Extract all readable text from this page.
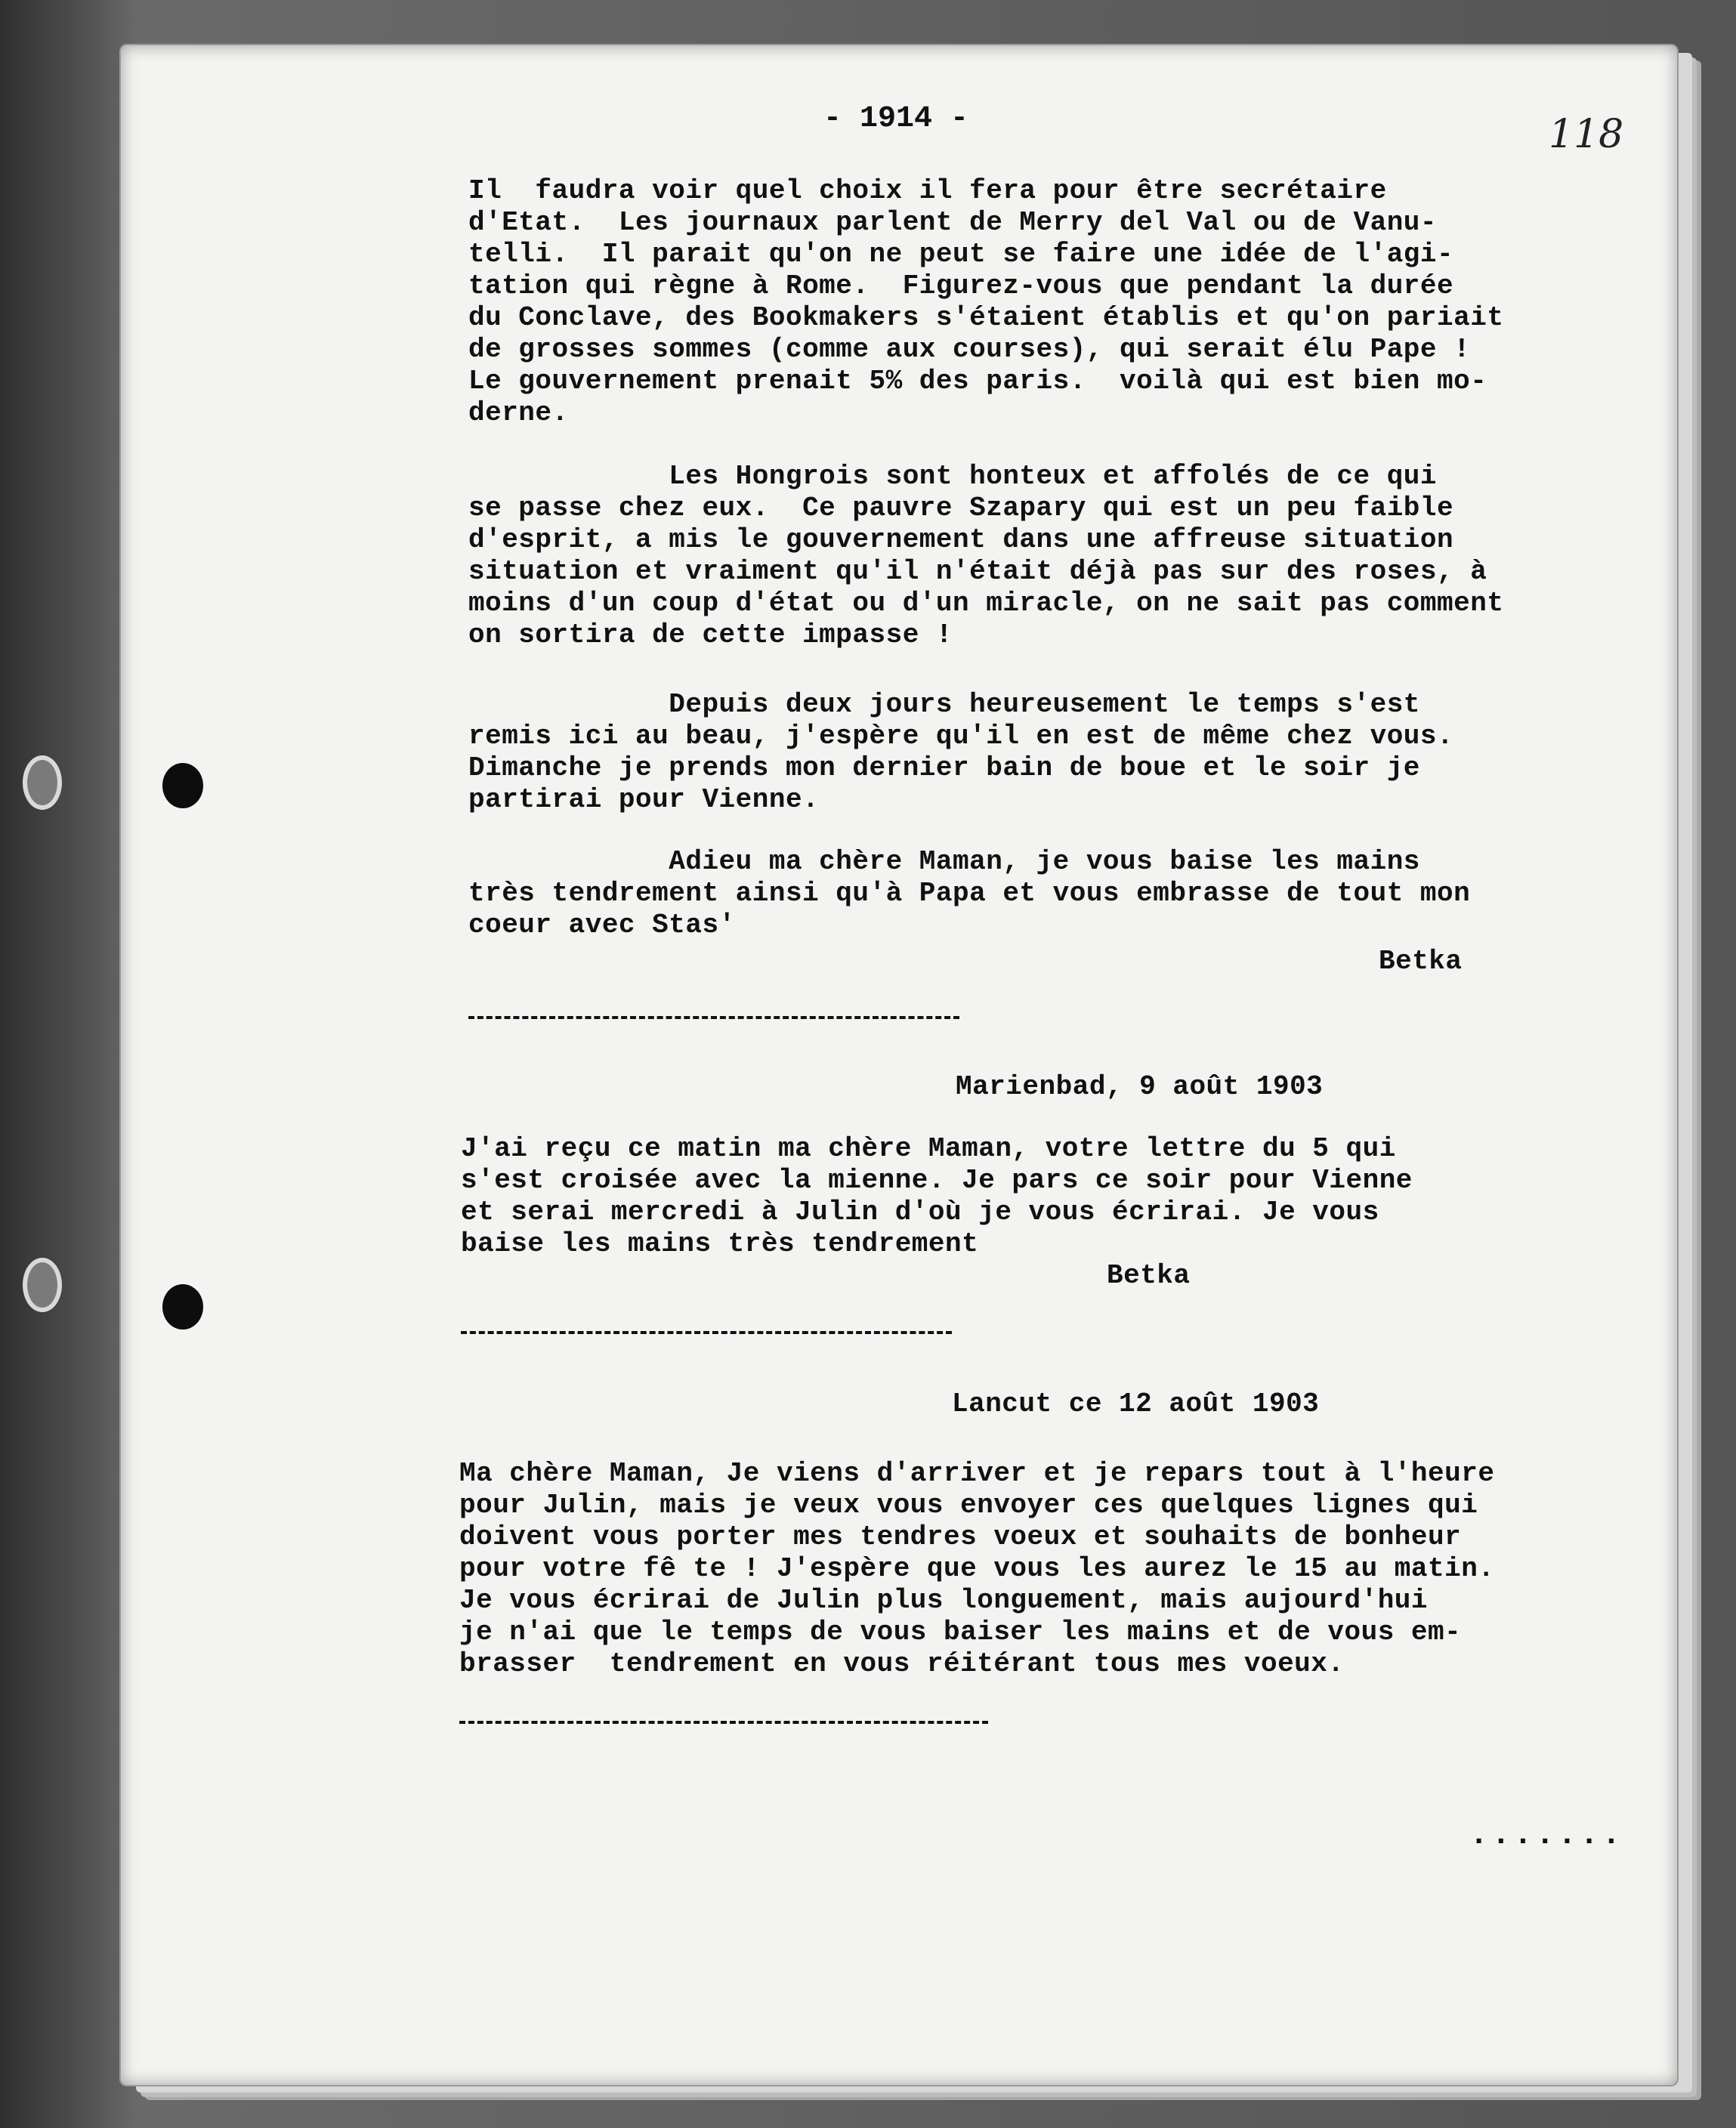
- 1914 -	118
Il  faudra voir quel choix il fera pour être secrétaire
d'Etat.  Les journaux parlent de Merry del Val ou de Vanu-
telli.  Il parait qu'on ne peut se faire une idée de l'agi-
tation qui règne à Rome.  Figurez-vous que pendant la durée
du Conclave, des Bookmakers s'étaient établis et qu'on pariait
de grosses sommes (comme aux courses), qui serait élu Pape !
Le gouvernement prenait 5% des paris.  voilà qui est bien mo-
derne.
Les Hongrois sont honteux et affolés de ce qui
se passe chez eux.  Ce pauvre Szapary qui est un peu faible
d'esprit, a mis le gouvernement dans une affreuse situation
situation et vraiment qu'il n'était déjà pas sur des roses, à
moins d'un coup d'état ou d'un miracle, on ne sait pas comment
on sortira de cette impasse !
Depuis deux jours heureusement le temps s'est
remis ici au beau, j'espère qu'il en est de même chez vous.
Dimanche je prends mon dernier bain de boue et le soir je
partirai pour Vienne.
Adieu ma chère Maman, je vous baise les mains
très tendrement ainsi qu'à Papa et vous embrasse de tout mon
coeur avec Stas'
Betka
Marienbad, 9 août 1903
J'ai reçu ce matin ma chère Maman, votre lettre du 5 qui
s'est croisée avec la mienne. Je pars ce soir pour Vienne
et serai mercredi à Julin d'où je vous écrirai. Je vous
baise les mains très tendrement
Betka
Lancut ce 12 août 1903
Ma chère Maman, Je viens d'arriver et je repars tout à l'heure
pour Julin, mais je veux vous envoyer ces quelques lignes qui
doivent vous porter mes tendres voeux et souhaits de bonheur
pour votre fê te ! J'espère que vous les aurez le 15 au matin.
Je vous écrirai de Julin plus longuement, mais aujourd'hui
je n'ai que le temps de vous baiser les mains et de vous em-
brasser  tendrement en vous réitérant tous mes voeux.
.......
